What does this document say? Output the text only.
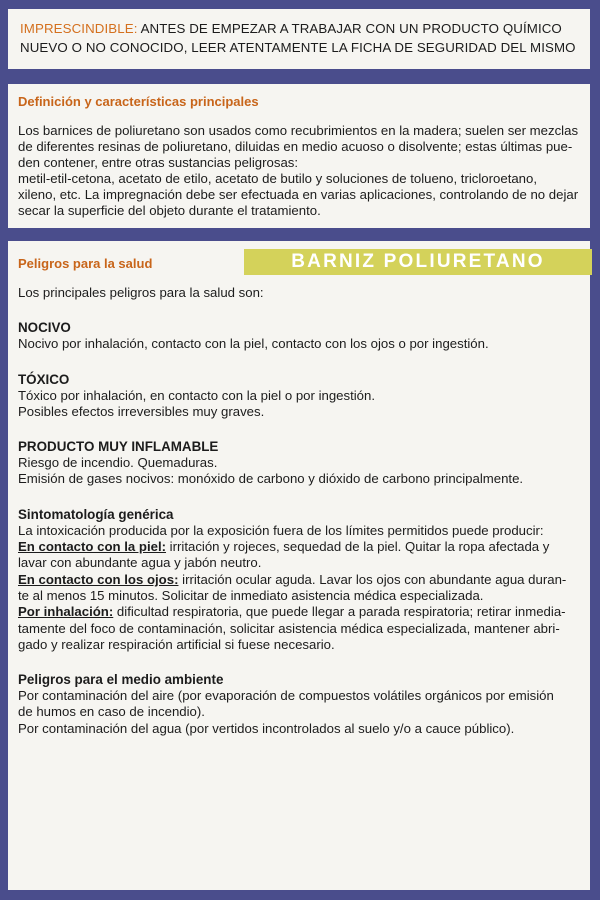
IMPRESCINDIBLE: ANTES DE EMPEZAR A TRABAJAR CON UN PRODUCTO QUÍMICO
NUEVO O NO CONOCIDO, LEER ATENTAMENTE LA FICHA DE SEGURIDAD DEL MISMO
Definición y características principales
Los barnices de poliuretano son usados como recubrimientos en la madera; suelen ser mezclas
de diferentes resinas de poliuretano, diluidas en medio acuoso o disolvente; estas últimas pue-
den contener, entre otras sustancias peligrosas:
metil-etil-cetona, acetato de etilo, acetato de butilo y soluciones de tolueno, tricloroetano,
xileno, etc. La impregnación debe ser efectuada en varias aplicaciones, controlando de no dejar
secar la superficie del objeto durante el tratamiento.
Peligros para la salud	BARNIZ POLIURETANO
Los principales peligros para la salud son:
NOCIVO
Nocivo por inhalación, contacto con la piel, contacto con los ojos o por ingestión.
TÓXICO
Tóxico por inhalación, en contacto con la piel o por ingestión.
Posibles efectos irreversibles muy graves.
PRODUCTO MUY INFLAMABLE
Riesgo de incendio. Quemaduras.
Emisión de gases nocivos: monóxido de carbono y dióxido de carbono principalmente.
Sintomatología genérica
La intoxicación producida por la exposición fuera de los límites permitidos puede producir:
En contacto con la piel: irritación y rojeces, sequedad de la piel. Quitar la ropa afectada y
lavar con abundante agua y jabón neutro.
En contacto con los ojos: irritación ocular aguda. Lavar los ojos con abundante agua duran-
te al menos 15 minutos. Solicitar de inmediato asistencia médica especializada.
Por inhalación: dificultad respiratoria, que puede llegar a parada respiratoria; retirar inmedia-
tamente del foco de contaminación, solicitar asistencia médica especializada, mantener abri-
gado y realizar respiración artificial si fuese necesario.
Peligros para el medio ambiente
Por contaminación del aire (por evaporación de compuestos volátiles orgánicos por emisión
de humos en caso de incendio).
Por contaminación del agua (por vertidos incontrolados al suelo y/o a cauce público).
